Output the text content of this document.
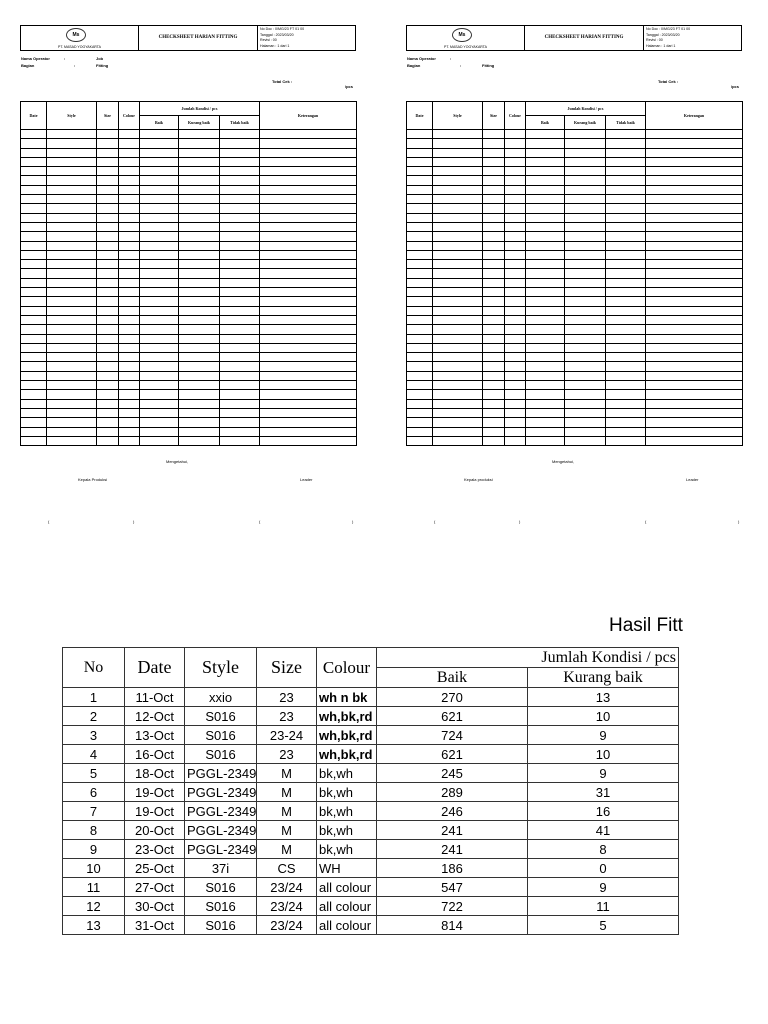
Ms
PT. MASAD YOGYAKARTA
CHECKSHEET HARIAN FITTING
No Doc : 0/MG/23 FT 01 00
Tanggal : 2023/03/20
Revisi : 00
Halaman : 1 dari 1
Nama Operator	:	Job
Bagian	:	Fitting
Total Cek :
/pcs
Date	Style	Size	Colour	Jumlah Kondisi / pcs			Keterangan
				Baik	Kurang baik	Tidak baik	

Mengetahui,
Kepala Produksi	Leader
(	)	(	)
Ms
PT. MASAD YOGYAKARTA
CHECKSHEET HARIAN FITTING
No Doc : 0/MG/23 FT 01 00
Tanggal : 2023/03/20
Revisi : 00
Halaman : 1 dari 1
Nama Operator	:
Bagian	:	Fitting
Total Cek :
/pcs
Date	Style	Size	Colour	Jumlah Kondisi / pcs			Keterangan
				Baik	Kurang baik	Tidak baik	

Mengetahui,
Kepala produksi	Leader
(	)	(	)
Hasil Fitt
No	Date	Style	Size	Colour	Jumlah Kondisi / pcs	
					Baik	Kurang baik
1	11-Oct	xxio	23	wh n bk	270	13
2	12-Oct	S016	23	wh,bk,rd	621	10
3	13-Oct	S016	23-24	wh,bk,rd	724	9
4	16-Oct	S016	23	wh,bk,rd	621	10
5	18-Oct	PGGL-2349	M	bk,wh	245	9
6	19-Oct	PGGL-2349	M	bk,wh	289	31
7	19-Oct	PGGL-2349	M	bk,wh	246	16
8	20-Oct	PGGL-2349	M	bk,wh	241	41
9	23-Oct	PGGL-2349	M	bk,wh	241	8
10	25-Oct	37i	CS	WH	186	0
11	27-Oct	S016	23/24	all colour	547	9
12	30-Oct	S016	23/24	all colour	722	11
13	31-Oct	S016	23/24	all colour	814	5
